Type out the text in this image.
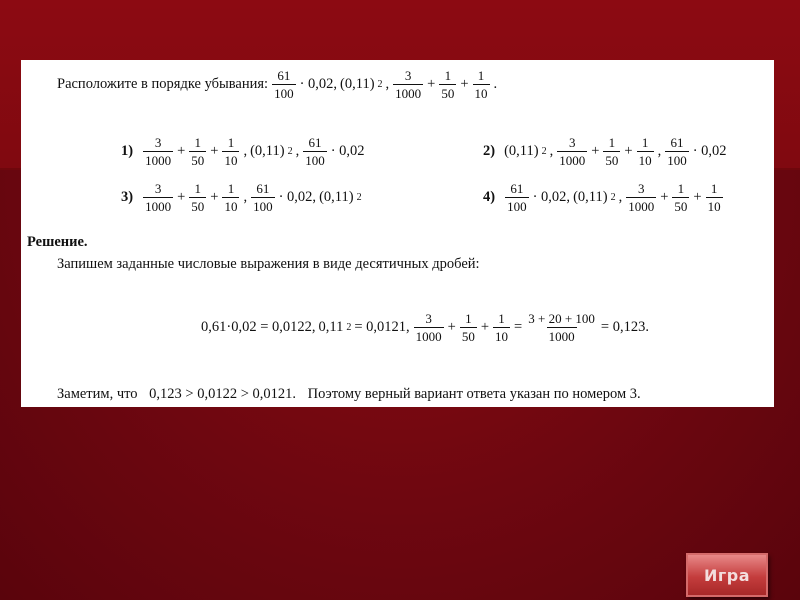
Расположите в порядке убывания: $\frac{61}{100} \cdot 0,02$, (0,11) 2 , $\frac{3}{1000} + \frac{1}{50} + \frac{1}{10}$ .
$1) \frac{3}{1000} + \frac{1}{50} + \frac{1}{10}$ , (0,11) 2 , $\frac{61}{100} \cdot 0,02$	2) (0,11) 2 , $\frac{3}{1000} + \frac{1}{50} + \frac{1}{10}$ , $\frac{61}{100} \cdot 0,02$
$3) \frac{3}{1000} + \frac{1}{50} + \frac{1}{10}$ , $\frac{61}{100} \cdot 0,02$, (0,11) 2	$4) \frac{61}{100} \cdot 0,02$, (0,11) 2 , $\frac{3}{1000} + \frac{1}{50} + \frac{1}{10}$
Решение.
Запишем заданные числовые выражения в виде десятичных дробей:
0,61·0,02 = 0,0122, 0,11 2 = 0,0121, $\frac{3}{1000} + \frac{1}{50} + \frac{1}{10} = \frac{3 + 20 + 100}{1000} = 0,123$.
Заметим, что 0,123 > 0,0122 > 0,0121. Поэтому верный вариант ответа указан по номером 3.
Игра
